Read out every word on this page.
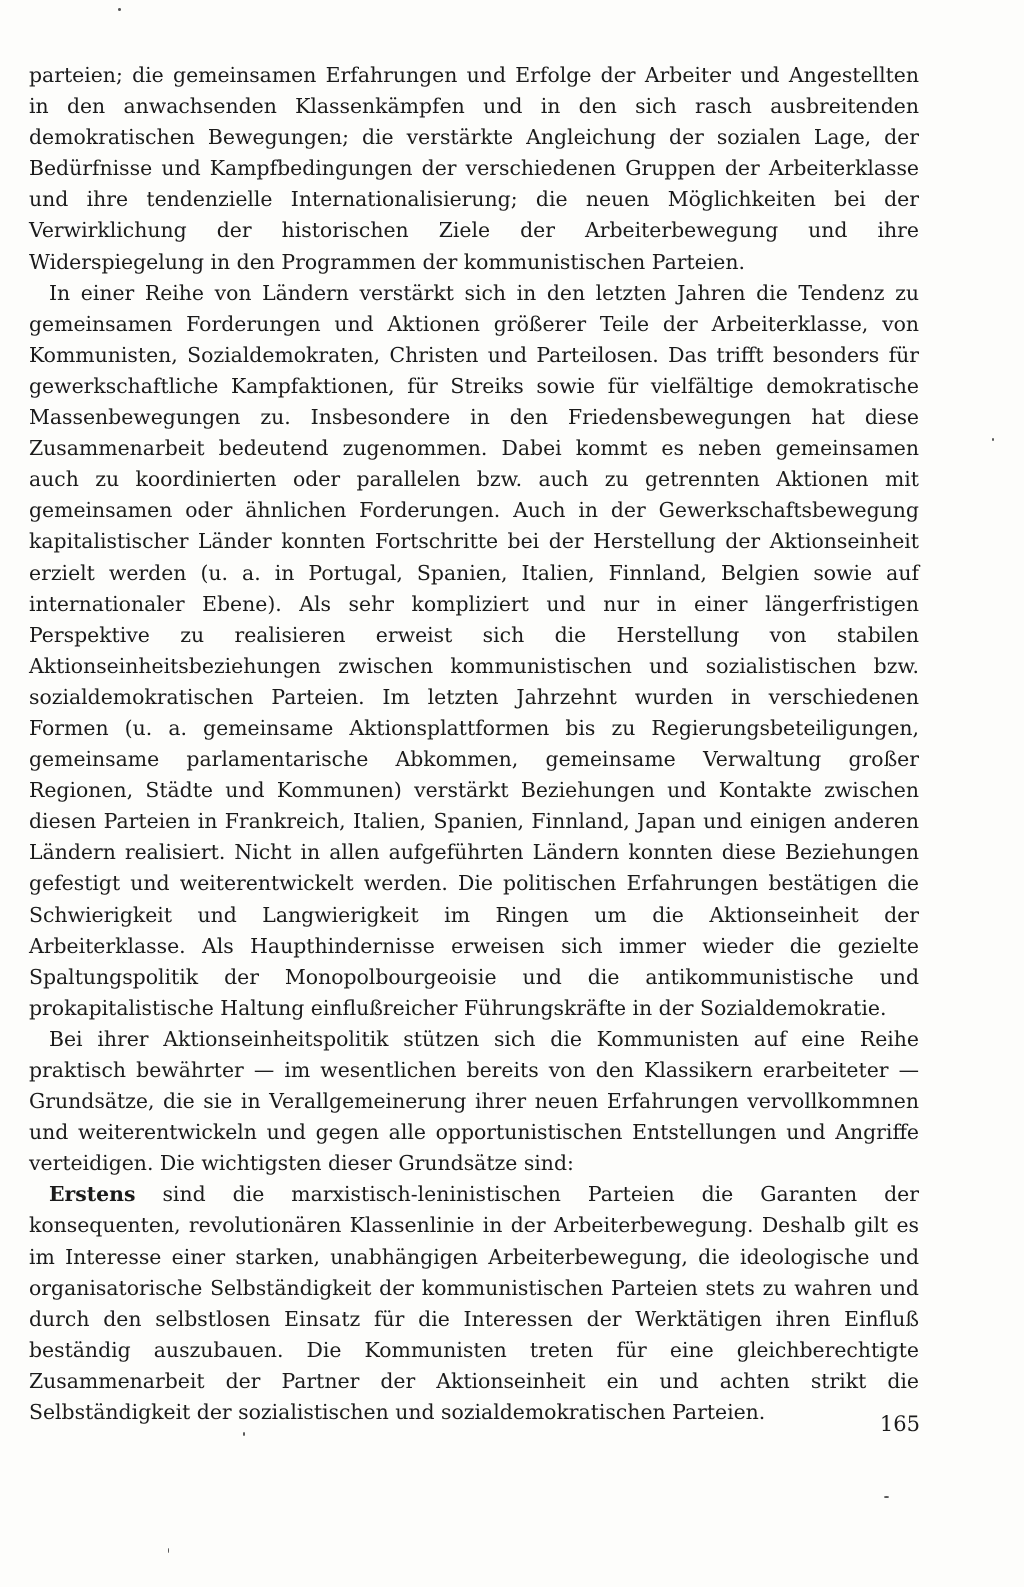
parteien; die gemeinsamen Erfahrungen und Erfolge der Arbeiter und Angestellten in den anwachsenden Klassenkämpfen und in den sich rasch ausbreitenden demokratischen Bewegungen; die verstärkte Angleichung der sozialen Lage, der Bedürfnisse und Kampfbedingungen der verschiedenen Gruppen der Arbeiterklasse und ihre tendenzielle Internationalisierung; die neuen Möglichkeiten bei der Verwirklichung der historischen Ziele der Arbeiterbewegung und ihre Widerspiegelung in den Programmen der kommunistischen Parteien.

In einer Reihe von Ländern verstärkt sich in den letzten Jahren die Tendenz zu gemeinsamen Forderungen und Aktionen größerer Teile der Arbeiterklasse, von Kommunisten, Sozialdemokraten, Christen und Parteilosen. Das trifft besonders für gewerkschaftliche Kampfaktionen, für Streiks sowie für vielfältige demokratische Massenbewegungen zu. Insbesondere in den Friedensbewegungen hat diese Zusammenarbeit bedeutend zugenommen. Dabei kommt es neben gemeinsamen auch zu koordinierten oder parallelen bzw. auch zu getrennten Aktionen mit gemeinsamen oder ähnlichen Forderungen. Auch in der Gewerkschaftsbewegung kapitalistischer Länder konnten Fortschritte bei der Herstellung der Aktionseinheit erzielt werden (u. a. in Portugal, Spanien, Italien, Finnland, Belgien sowie auf internationaler Ebene). Als sehr kompliziert und nur in einer längerfristigen Perspektive zu realisieren erweist sich die Herstellung von stabilen Aktionseinheitsbeziehungen zwischen kommunistischen und sozialistischen bzw. sozialdemokratischen Parteien. Im letzten Jahrzehnt wurden in verschiedenen Formen (u. a. gemeinsame Aktionsplattformen bis zu Regierungsbeteiligungen, gemeinsame parlamentarische Abkommen, gemeinsame Verwaltung großer Regionen, Städte und Kommunen) verstärkt Beziehungen und Kontakte zwischen diesen Parteien in Frankreich, Italien, Spanien, Finnland, Japan und einigen anderen Ländern realisiert. Nicht in allen aufgeführten Ländern konnten diese Beziehungen gefestigt und weiterentwickelt werden. Die politischen Erfahrungen bestätigen die Schwierigkeit und Langwierigkeit im Ringen um die Aktionseinheit der Arbeiterklasse. Als Haupthindernisse erweisen sich immer wieder die gezielte Spaltungspolitik der Monopolbourgeoisie und die antikommunistische und prokapitalistische Haltung einflußreicher Führungskräfte in der Sozialdemokratie.

Bei ihrer Aktionseinheitspolitik stützen sich die Kommunisten auf eine Reihe praktisch bewährter — im wesentlichen bereits von den Klassikern erarbeiteter — Grundsätze, die sie in Verallgemeinerung ihrer neuen Erfahrungen vervollkommnen und weiterentwickeln und gegen alle opportunistischen Entstellungen und Angriffe verteidigen. Die wichtigsten dieser Grundsätze sind:

Erstens sind die marxistisch-leninistischen Parteien die Garanten der konsequenten, revolutionären Klassenlinie in der Arbeiterbewegung. Deshalb gilt es im Interesse einer starken, unabhängigen Arbeiterbewegung, die ideologische und organisatorische Selbständigkeit der kommunistischen Parteien stets zu wahren und durch den selbstlosen Einsatz für die Interessen der Werktätigen ihren Einfluß beständig auszubauen. Die Kommunisten treten für eine gleichberechtigte Zusammenarbeit der Partner der Aktionseinheit ein und achten strikt die Selbständigkeit der sozialistischen und sozialdemokratischen Parteien.	165
